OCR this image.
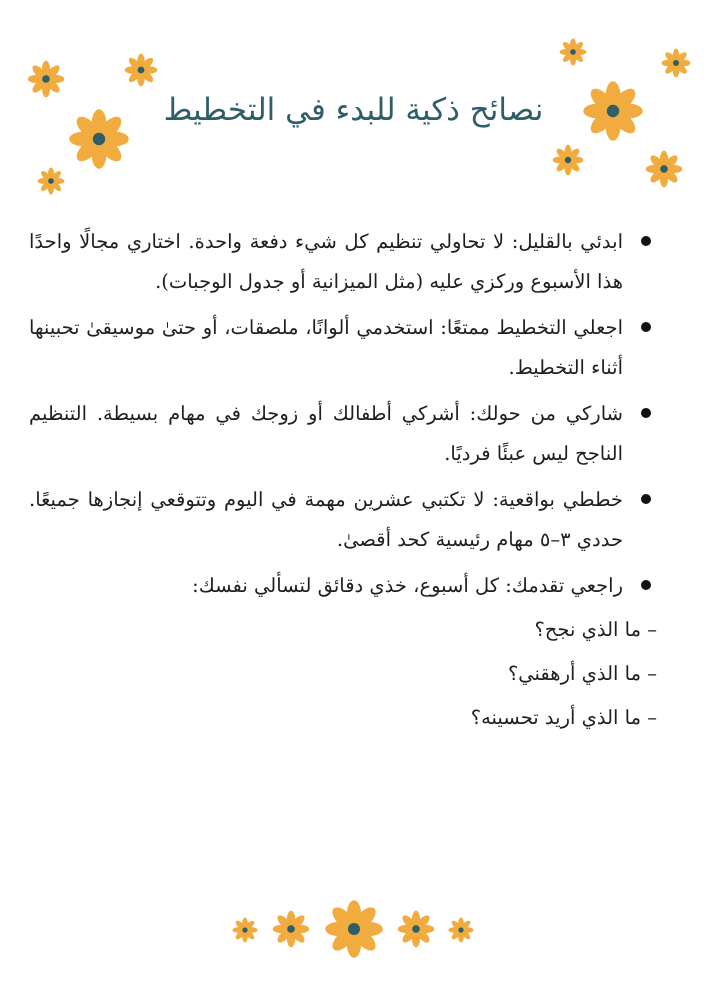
نصائح ذكية للبدء في التخطيط
ابدئي بالقليل: لا تحاولي تنظيم كل شيء دفعة واحدة. اختاري مجالًا واحدًا هذا الأسبوع وركزي عليه (مثل الميزانية أو جدول الوجبات).
اجعلي التخطيط ممتعًا: استخدمي ألوانًا، ملصقات، أو حتىٰ موسيقىٰ تحبينها أثناء التخطيط.
شاركي من حولك: أشركي أطفالك أو زوجك في مهام بسيطة. التنظيم الناجح ليس عبئًا فرديًا.
خططي بواقعية: لا تكتبي عشرين مهمة في اليوم وتتوقعي إنجازها جميعًا. حددي ٣–٥ مهام رئيسية كحد أقصىٰ.
راجعي تقدمك: كل أسبوع، خذي دقائق لتسألي نفسك:
– ما الذي نجح؟
– ما الذي أرهقني؟
– ما الذي أريد تحسينه؟
